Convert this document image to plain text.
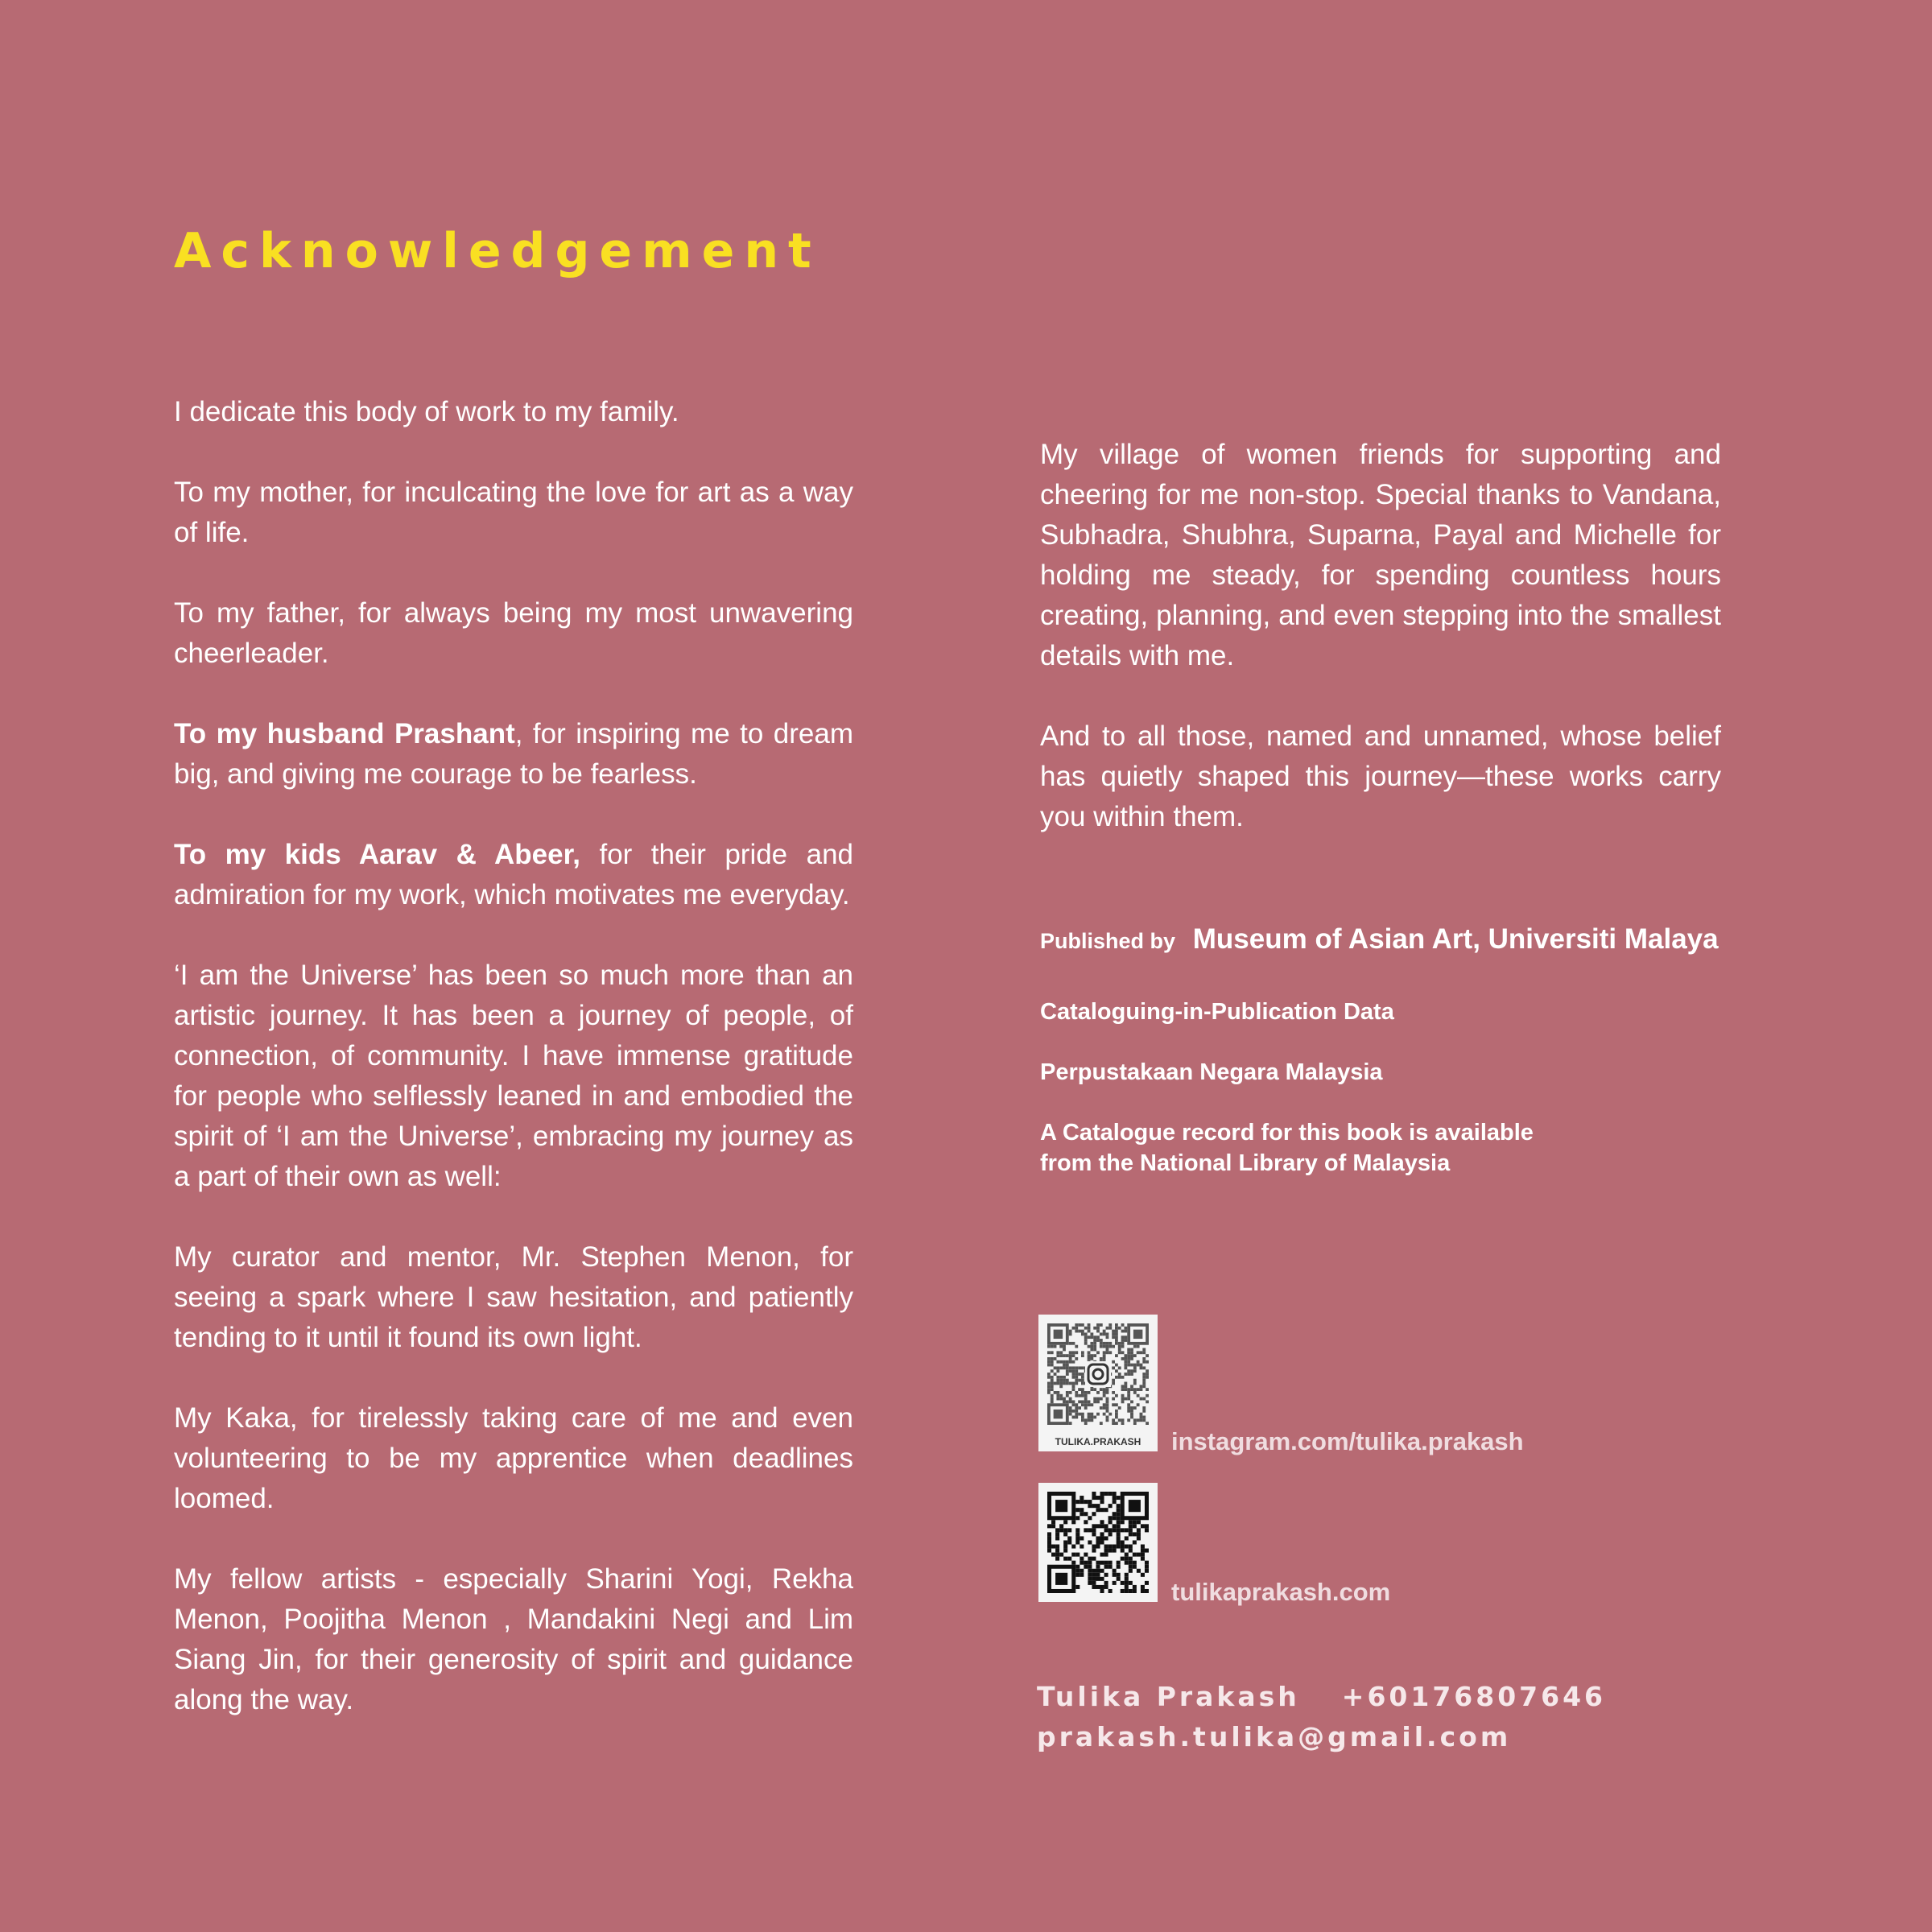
Acknowledgement

I dedicate this body of work to my family.

To my mother, for inculcating the love for art as a way of life.

To my father, for always being my most unwavering cheerleader.

To my husband Prashant, for inspiring me to dream big, and giving me courage to be fearless.

To my kids Aarav & Abeer, for their pride and admiration for my work, which motivates me everyday.

‘I am the Universe’ has been so much more than an artistic journey. It has been a journey of people, of connection, of community. I have immense gratitude for people who selflessly leaned in and embodied the spirit of ‘I am the Universe’, embracing my journey as a part of their own as well:

My curator and mentor, Mr. Stephen Menon, for seeing a spark where I saw hesitation, and patiently tending to it until it found its own light.

My Kaka, for tirelessly taking care of me and even volunteering to be my apprentice when deadlines loomed.

My fellow artists - especially Sharini Yogi, Rekha Menon, Poojitha Menon , Mandakini Negi and Lim Siang Jin, for their generosity of spirit and guidance along the way.

My village of women friends for supporting and cheering for me non-stop. Special thanks to Vandana, Subhadra, Shubhra, Suparna, Payal and Michelle for holding me steady, for spending countless hours creating, planning, and even stepping into the smallest details with me.

And to all those, named and unnamed, whose belief has quietly shaped this journey—these works carry you within them.

Published by Museum of Asian Art, Universiti Malaya
Cataloguing-in-Publication Data
Perpustakaan Negara Malaysia
A Catalogue record for this book is available
from the National Library of Malaysia
TULIKA.PRAKASH instagram.com/tulika.prakash
tulikaprakash.com
Tulika Prakash +60176807646
prakash.tulika@gmail.com
